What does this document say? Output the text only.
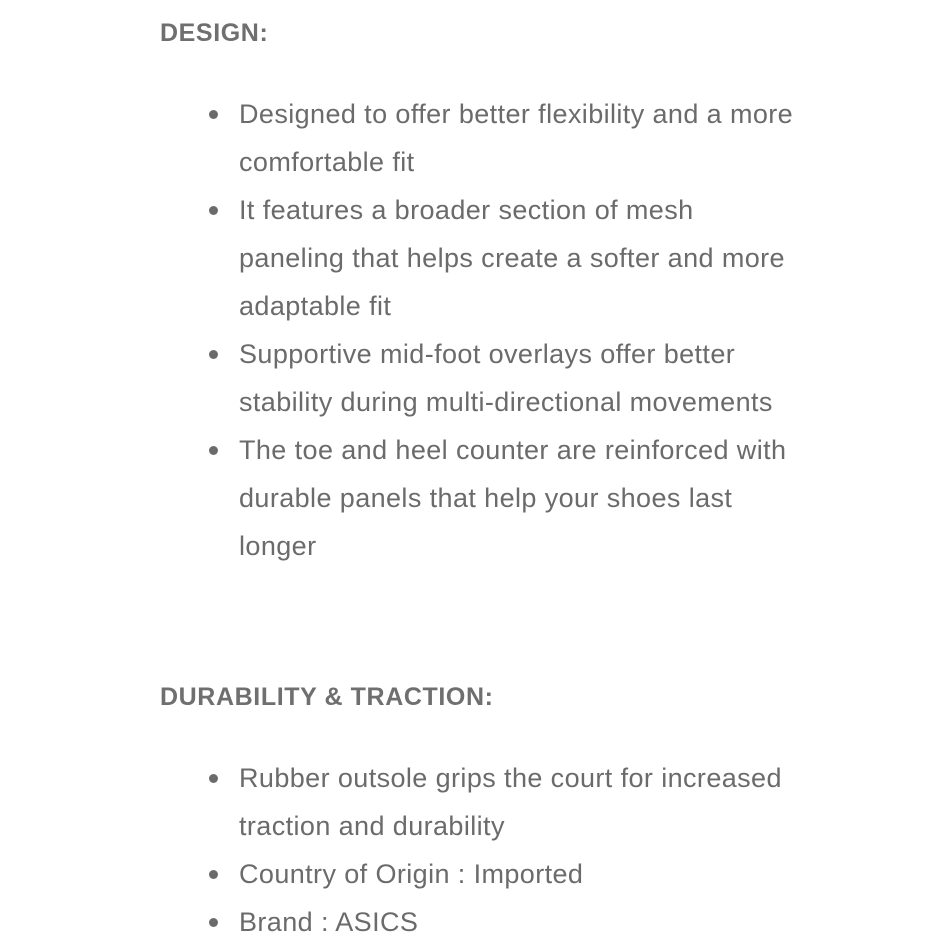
DESIGN:
Designed to offer better flexibility and a more comfortable fit
It features a broader section of mesh paneling that helps create a softer and more adaptable fit
Supportive mid-foot overlays offer better stability during multi-directional movements
The toe and heel counter are reinforced with durable panels that help your shoes last longer
DURABILITY & TRACTION:
Rubber outsole grips the court for increased traction and durability
Country of Origin : Imported
Brand : ASICS
